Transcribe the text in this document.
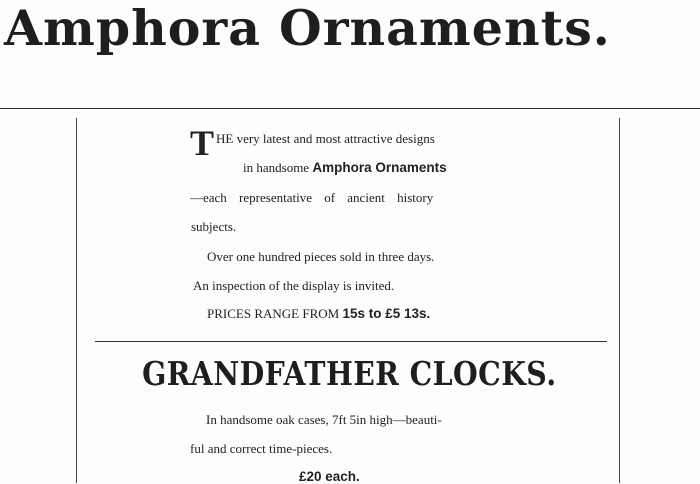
Amphora Ornaments.
T HE very latest and most attractive designs
in handsome Amphora Ornaments
—each representative of ancient history
subjects.
Over one hundred pieces sold in three days.
An inspection of the display is invited.
PRICES RANGE FROM 15s to £5 13s.
GRANDFATHER CLOCKS.
In handsome oak cases, 7ft 5in high—beauti-
ful and correct time-pieces.
£20 each.
